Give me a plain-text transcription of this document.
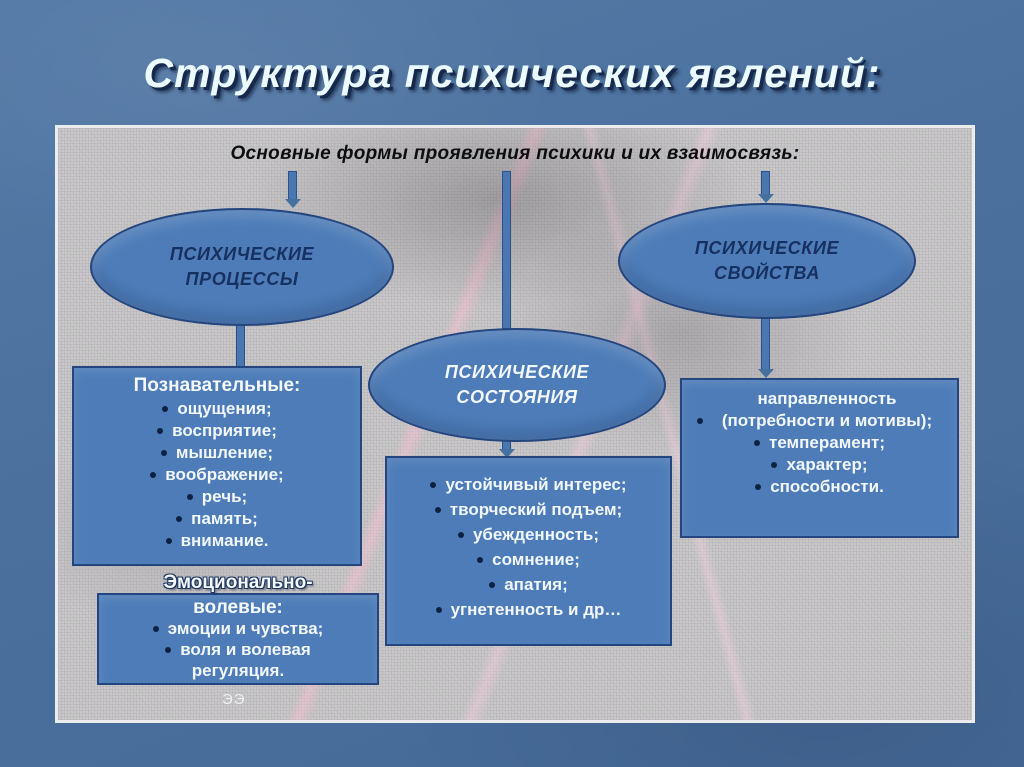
Структура психических явлений:
Основные формы проявления психики и их взаимосвязь:
ПСИХИЧЕСКИЕ
ПРОЦЕССЫ
ПСИХИЧЕСКИЕ
СОСТОЯНИЯ
ПСИХИЧЕСКИЕ
СВОЙСТВА
Познавательные:
ощущения;
восприятие;
мышление;
воображение;
речь;
память;
внимание.
Эмоционально-
волевые:
эмоции и чувства;
воля и волевая регуляция.
устойчивый интерес;
творческий подъем;
убежденность;
сомнение;
апатия;
угнетенность и др…
направленность (потребности и мотивы);
темперамент;
характер;
способности.
ЭЭ
